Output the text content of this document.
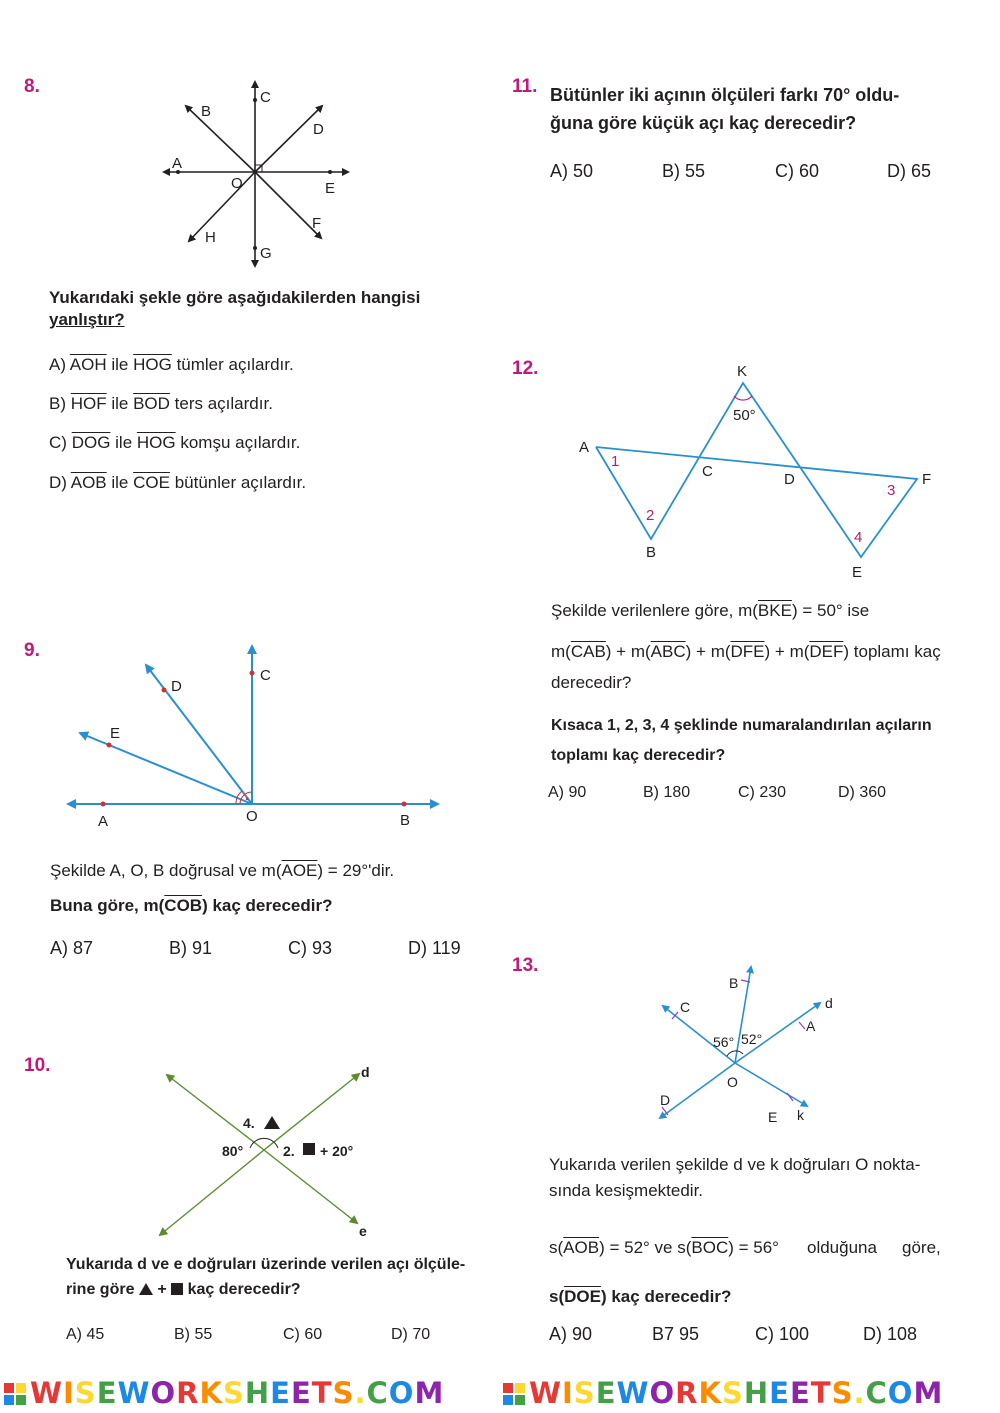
8.
A
B
C
D
O	E
F
H
G
Yukarıdaki şekle göre aşağıdakilerden hangisi
yanlıştır?
A) $\overline{AOH}$ ile $\overline{HOG}$ tümler açılardır.
B) $\overline{HOF}$ ile $\overline{BOD}$ ters açılardır.
C) $\overline{DOG}$ ile $\overline{HOG}$ komşu açılardır.
D) $\overline{AOB}$ ile $\overline{COE}$ bütünler açılardır.
9.
D
C
E
A	O	B
Şekilde A, O, B doğrusal ve $m(\overline{AOE}) = 29^\circ'dir$.
Buna göre, $m(\overline{COB})$ kaç derecedir?
A) 87	B) 91	C) 93	D) 119
10.	d
e
4.
80°	2. + 20°
Yukarıda d ve e doğruları üzerinde verilen açı ölçüle-
rine göre + kaç derecedir?
A) 45	B) 55	C) 60	D) 70
11. Bütünler iki açının ölçüleri farkı 70° oldu-
ğuna göre küçük açı kaç derecedir?
A) 50	B) 55	C) 60	D) 65
12.	K
A
C	D	F
B
E
50°
1
2
3
4
Şekilde verilenlere göre, $m(\overline{BKE}) = 50^\circ$ ise
$m(\overline{CAB}) + m(\overline{ABC}) + m(\overline{DFE}) + m(\overline{DEF})$ toplamı kaç
derecedir?
Kısaca 1, 2, 3, 4 şeklinde numaralandırılan açıların
toplamı kaç derecedir?
A) 90	B) 180	C) 230	D) 360
13.
B
C	d
A
56° 52°
O
D
E k
Yukarıda verilen şekilde d ve k doğruları O nokta-
sında kesişmektedir.
$s(\overline{AOB}) = 52^\circ$ ve $s(\overline{BOC}) = 56^\circ$ olduğuna göre,
$s(\overline{DOE})$ kaç derecedir?
A) 90	B7 95	C) 100	D) 108
WISEWORKSHEETS.COM	WISEWORKSHEETS.COM
